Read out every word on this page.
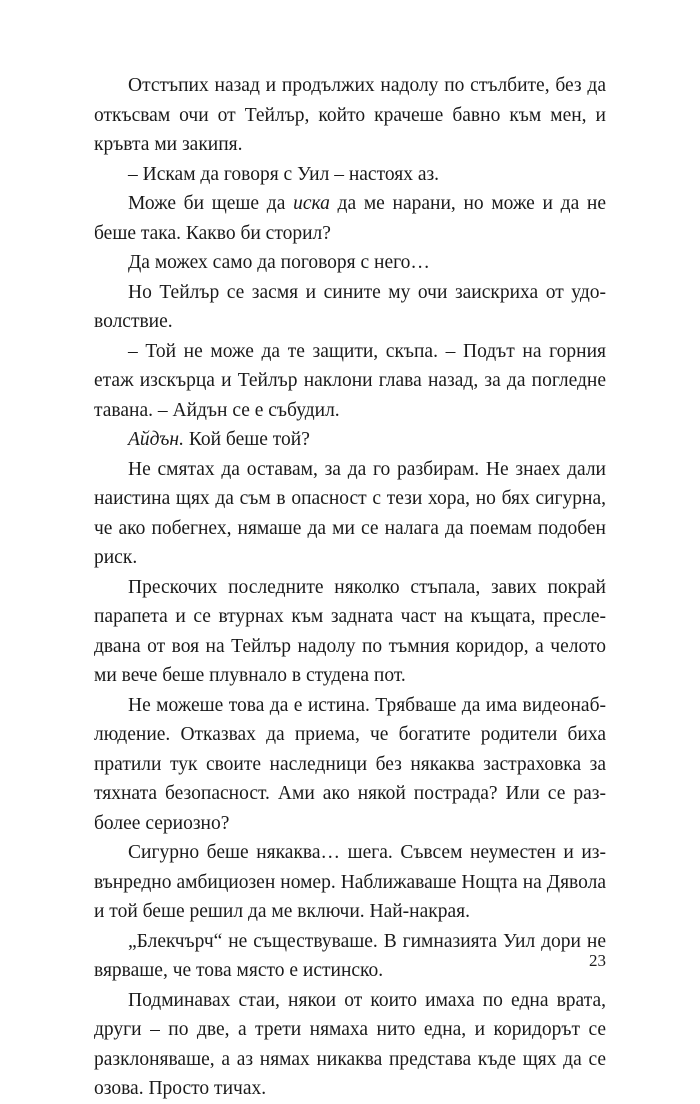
Отстъпих назад и продължих надолу по стълбите, без да откъсвам очи от Тейлър, който крачеше бавно към мен, и кръвта ми закипя.

– Искам да говоря с Уил – настоях аз.

Може би щеше да иска да ме нарани, но може и да не беше така. Какво би сторил?

Да можех само да поговоря с него…

Но Тейлър се засмя и сините му очи заискриха от удоволствие.

– Той не може да те защити, скъпа. – Подът на горния етаж изскърца и Тейлър наклони глава назад, за да погледне тавана. – Айдън се е събудил.

Айдън. Кой беше той?

Не смятах да оставам, за да го разбирам. Не знаех дали наистина щях да съм в опасност с тези хора, но бях сигурна, че ако побегнех, нямаше да ми се налага да поемам подобен риск.

Прескочих последните няколко стъпала, завих покрай парапета и се втурнах към задната част на къщата, преследвана от воя на Тейлър надолу по тъмния коридор, а челото ми вече беше плувнало в студена пот.

Не можеше това да е истина. Трябваше да има видеонаблюдение. Отказвах да приема, че богатите родители биха пратили тук своите наследници без някаква застраховка за тяхната безопасност. Ами ако някой пострада? Или се разболее сериозно?

Сигурно беше някаква… шега. Съвсем неуместен и извънредно амбициозен номер. Наближаваше Нощта на Дявола и той беше решил да ме включи. Най-накрая.

„Блекчърч“ не съществуваше. В гимназията Уил дори не вярваше, че това място е истинско.

Подминавах стаи, някои от които имаха по една врата, други – по две, а трети нямаха нито една, и коридорът се разклоняваше, а аз нямах никаква представа къде щях да се озова. Просто тичах.

23
